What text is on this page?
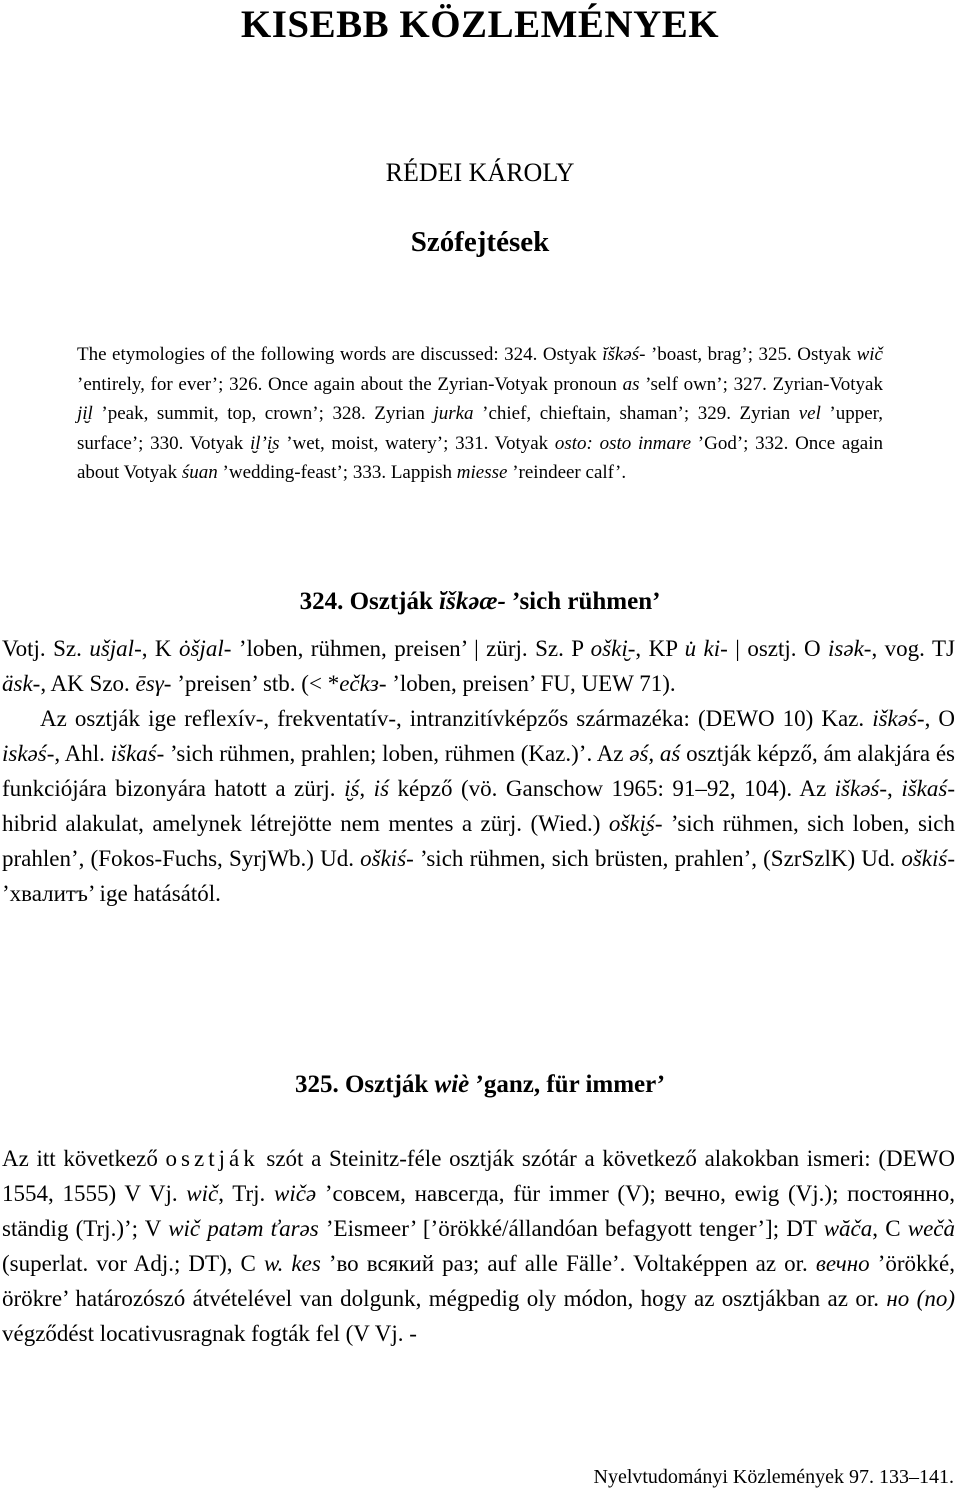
KISEBB KÖZLEMÉNYEK
RÉDEI KÁROLY
Szófejtések
The etymologies of the following words are discussed: 324. Ostyak ĭškəś- ’boast, brag’; 325. Ostyak wič ’entirely, for ever’; 326. Once again about the Zyrian-Votyak pronoun as ’self own’; 327. Zyrian-Votyak ji̮l ’peak, summit, top, crown’; 328. Zyrian jurka ’chief, chieftain, shaman’; 329. Zyrian vel ’upper, surface’; 330. Votyak i̮l’i̮s ’wet, moist, watery’; 331. Votyak osto: osto inmare ’God’; 332. Once again about Votyak śuan ’wedding-feast’; 333. Lappish miesse ’reindeer calf’.
324. Osztják ĭškəæ- ’sich rühmen’

Votj. Sz. ušjal-, K ȯšjal- ’loben, rühmen, preisen’ | zürj. Sz. P oški̮-, KP u̇ ki- | osztj. O isək-, vog. TJ äsk-, AK Szo. ēsγ- ’preisen’ stb. (< *ečkз- ’loben, preisen’ FU, UEW 71).

Az osztják ige reflexív-, frekventatív-, intranzitívképzős származéka: (DEWO 10) Kaz. iškəś-, O iskəś-, Ahl. iškaś- ’sich rühmen, prahlen; loben, rühmen (Kaz.)’. Az əś, aś osztják képző, ám alakjára és funkciójára bizonyára hatott a zürj. i̮ś, iś képző (vö. Ganschow 1965: 91–92, 104). Az iškəś-, iškaś-hibrid alakulat, amelynek létrejötte nem mentes a zürj. (Wied.) oški̮ś- ’sich rühmen, sich loben, sich prahlen’, (Fokos-Fuchs, SyrjWb.) Ud. oškiś- ’sich rühmen, sich brüsten, prahlen’, (SzrSzlK) Ud. oškiś- ’хвалитъ’ ige hatásától.

325. Osztják wiè ’ganz, für immer’

Az itt következő osztják szót a Steinitz-féle osztják szótár a következő alakokban ismeri: (DEWO 1554, 1555) V Vj. wič, Trj. wičə ’совсем, навсегда, für immer (V); вечно, ewig (Vj.); постоянно, ständig (Trj.)’; V wič patəm ťarəs ’Eismeer’ [’örökké/állandóan befagyott tenger’]; DT wăča, C wečà (superlat. vor Adj.; DT), C w. kes ’во всякий раз; auf alle Fälle’. Voltaképpen az or. вечно ’örökké, örökre’ határozószó átvételével van dolgunk, mégpedig oly módon, hogy az osztjákban az or. но (no) végződést locativusragnak fogták fel (V Vj. -

Nyelvtudományi Közlemények 97. 133–141.
